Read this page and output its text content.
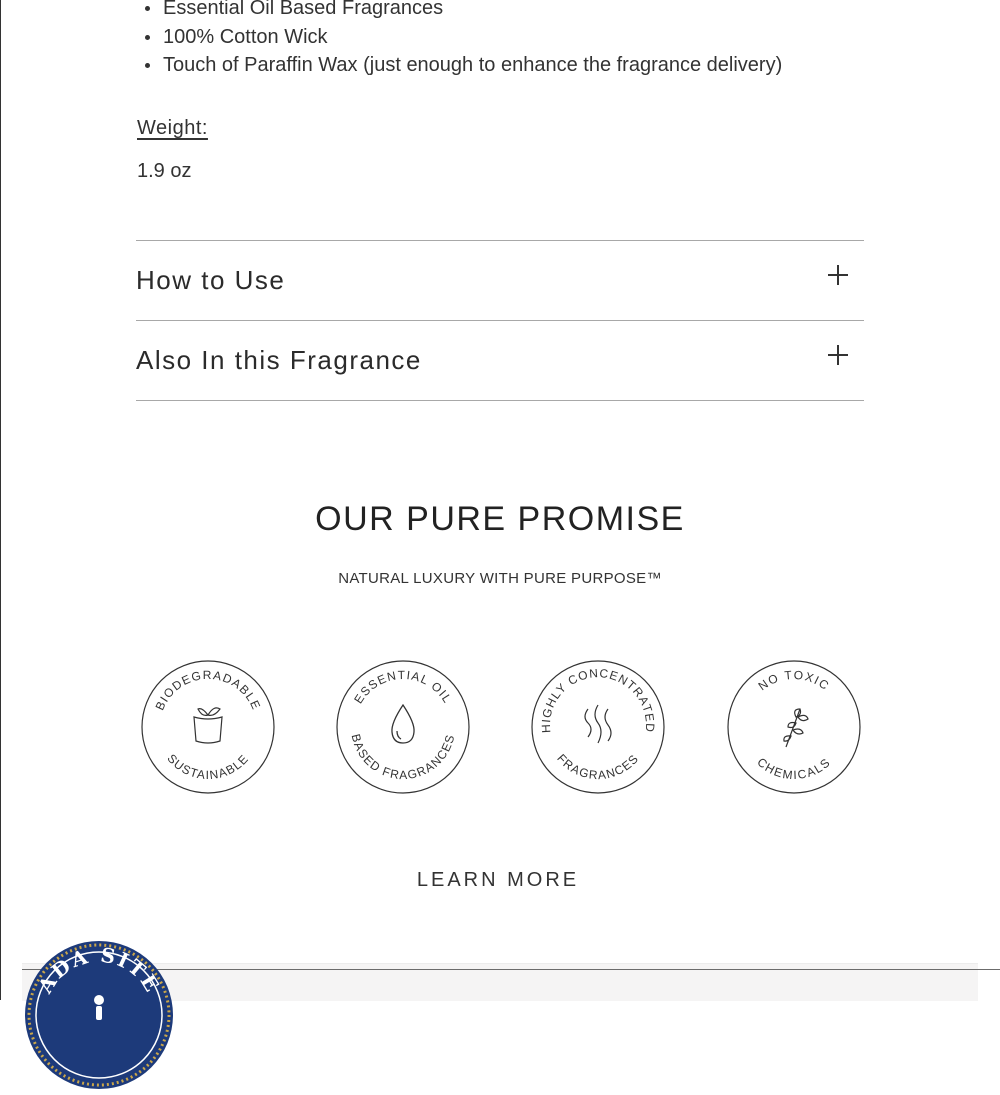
Essential Oil Based Fragrances
100% Cotton Wick
Touch of Paraffin Wax (just enough to enhance the fragrance delivery)
Weight:
1.9 oz
How to Use
Also In this Fragrance
OUR PURE PROMISE
NATURAL LUXURY WITH PURE PURPOSE™
BIODEGRADABLE
SUSTAINABLE
ESSENTIAL OIL
BASED FRAGRANCES
HIGHLY CONCENTRATED
FRAGRANCES
NO TOXIC
CHEMICALS
LEARN MORE
ADA SITE
